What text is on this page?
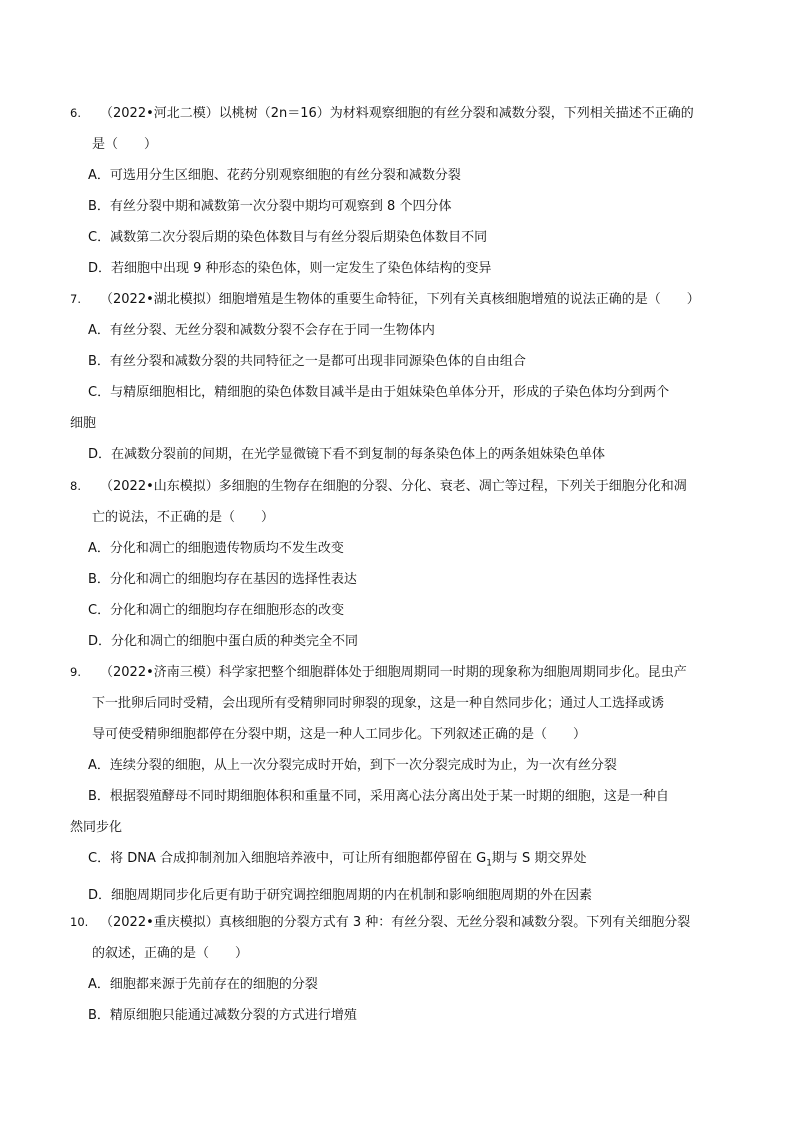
6. （2022•河北二模）以桃树（2n＝16）为材料观察细胞的有丝分裂和减数分裂，下列相关描述不正确的
是（　　）
A．可选用分生区细胞、花药分别观察细胞的有丝分裂和减数分裂
B．有丝分裂中期和减数第一次分裂中期均可观察到 8 个四分体
C．减数第二次分裂后期的染色体数目与有丝分裂后期染色体数目不同
D．若细胞中出现 9 种形态的染色体，则一定发生了染色体结构的变异
7. （2022•湖北模拟）细胞增殖是生物体的重要生命特征，下列有关真核细胞增殖的说法正确的是（　　）
A．有丝分裂、无丝分裂和减数分裂不会存在于同一生物体内
B．有丝分裂和减数分裂的共同特征之一是都可出现非同源染色体的自由组合
C．与精原细胞相比，精细胞的染色体数目减半是由于姐妹染色单体分开，形成的子染色体均分到两个
细胞
D．在减数分裂前的间期，在光学显微镜下看不到复制的每条染色体上的两条姐妹染色单体
8. （2022•山东模拟）多细胞的生物存在细胞的分裂、分化、衰老、凋亡等过程，下列关于细胞分化和凋
亡的说法，不正确的是（　　）
A．分化和凋亡的细胞遗传物质均不发生改变
B．分化和凋亡的细胞均存在基因的选择性表达
C．分化和凋亡的细胞均存在细胞形态的改变
D．分化和凋亡的细胞中蛋白质的种类完全不同
9. （2022•济南三模）科学家把整个细胞群体处于细胞周期同一时期的现象称为细胞周期同步化。昆虫产
下一批卵后同时受精，会出现所有受精卵同时卵裂的现象，这是一种自然同步化；通过人工选择或诱
导可使受精卵细胞都停在分裂中期，这是一种人工同步化。下列叙述正确的是（　　）
A．连续分裂的细胞，从上一次分裂完成时开始，到下一次分裂完成时为止，为一次有丝分裂
B．根据裂殖酵母不同时期细胞体积和重量不同，采用离心法分离出处于某一时期的细胞，这是一种自
然同步化
C．将 DNA 合成抑制剂加入细胞培养液中，可让所有细胞都停留在 $G_1$期与 S 期交界处
D．细胞周期同步化后更有助于研究调控细胞周期的内在机制和影响细胞周期的外在因素
10. （2022•重庆模拟）真核细胞的分裂方式有 3 种：有丝分裂、无丝分裂和减数分裂。下列有关细胞分裂
的叙述，正确的是（　　）
A．细胞都来源于先前存在的细胞的分裂
B．精原细胞只能通过减数分裂的方式进行增殖
